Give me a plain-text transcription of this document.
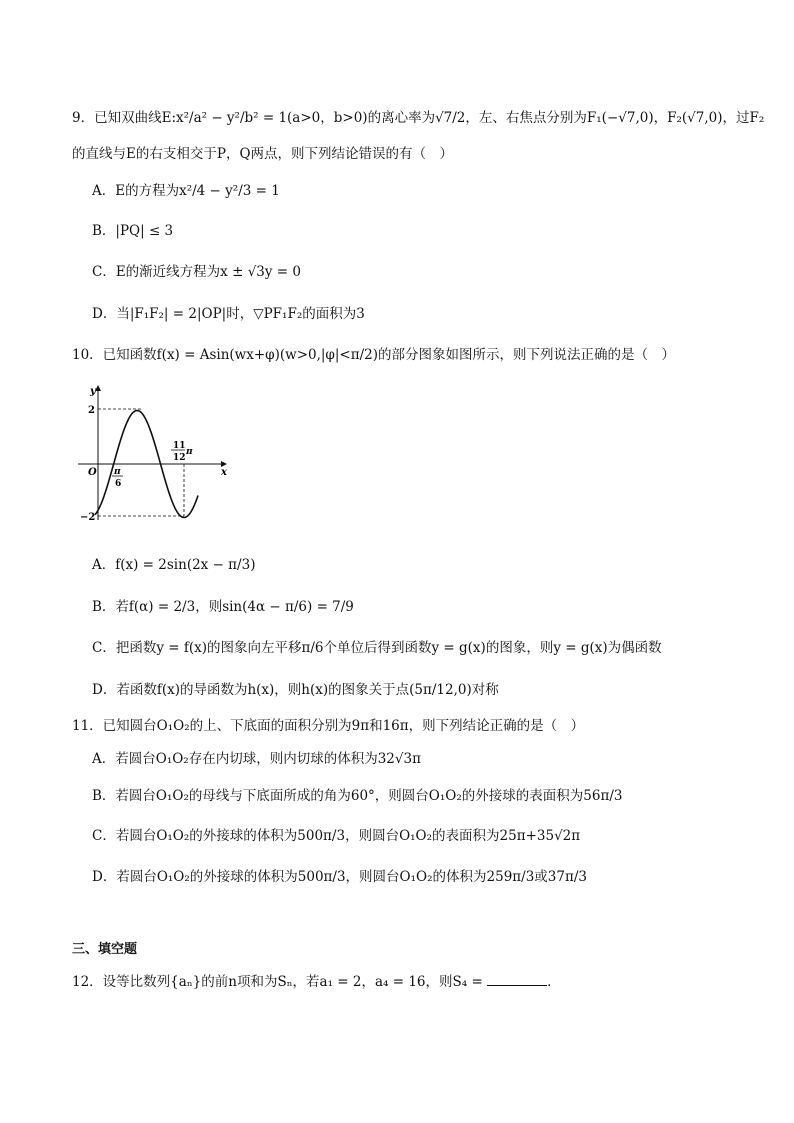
9．已知双曲线E:x²/a² − y²/b² = 1(a>0，b>0)的离心率为√7/2，左、右焦点分别为F₁(−√7,0)，F₂(√7,0)，过F₂
的直线与E的右支相交于P，Q两点，则下列结论错误的有（　）
A．E的方程为x²/4 − y²/3 = 1
B．|PQ| ≤ 3
C．E的渐近线方程为x ± √3y = 0
D．当|F₁F₂| = 2|OP|时，▽PF₁F₂的面积为3
10．已知函数f(x) = Asin(wx+φ)(w>0,|φ|<π/2)的部分图象如图所示，则下列说法正确的是（　）
y
x
O
2
−2
π
6
11
12
π
A．f(x) = 2sin(2x − π/3)
B．若f(α) = 2/3，则sin(4α − π/6) = 7/9
C．把函数y = f(x)的图象向左平移π/6个单位后得到函数y = g(x)的图象，则y = g(x)为偶函数
D．若函数f(x)的导函数为h(x)，则h(x)的图象关于点(5π/12,0)对称
11．已知圆台O₁O₂的上、下底面的面积分别为9π和16π，则下列结论正确的是（　）
A．若圆台O₁O₂存在内切球，则内切球的体积为32√3π
B．若圆台O₁O₂的母线与下底面所成的角为60°，则圆台O₁O₂的外接球的表面积为56π/3
C．若圆台O₁O₂的外接球的体积为500π/3，则圆台O₁O₂的表面积为25π+35√2π
D．若圆台O₁O₂的外接球的体积为500π/3，则圆台O₁O₂的体积为259π/3或37π/3
三、填空题
12．设等比数列{aₙ}的前n项和为Sₙ，若a₁ = 2，a₄ = 16，则S₄ =	．
